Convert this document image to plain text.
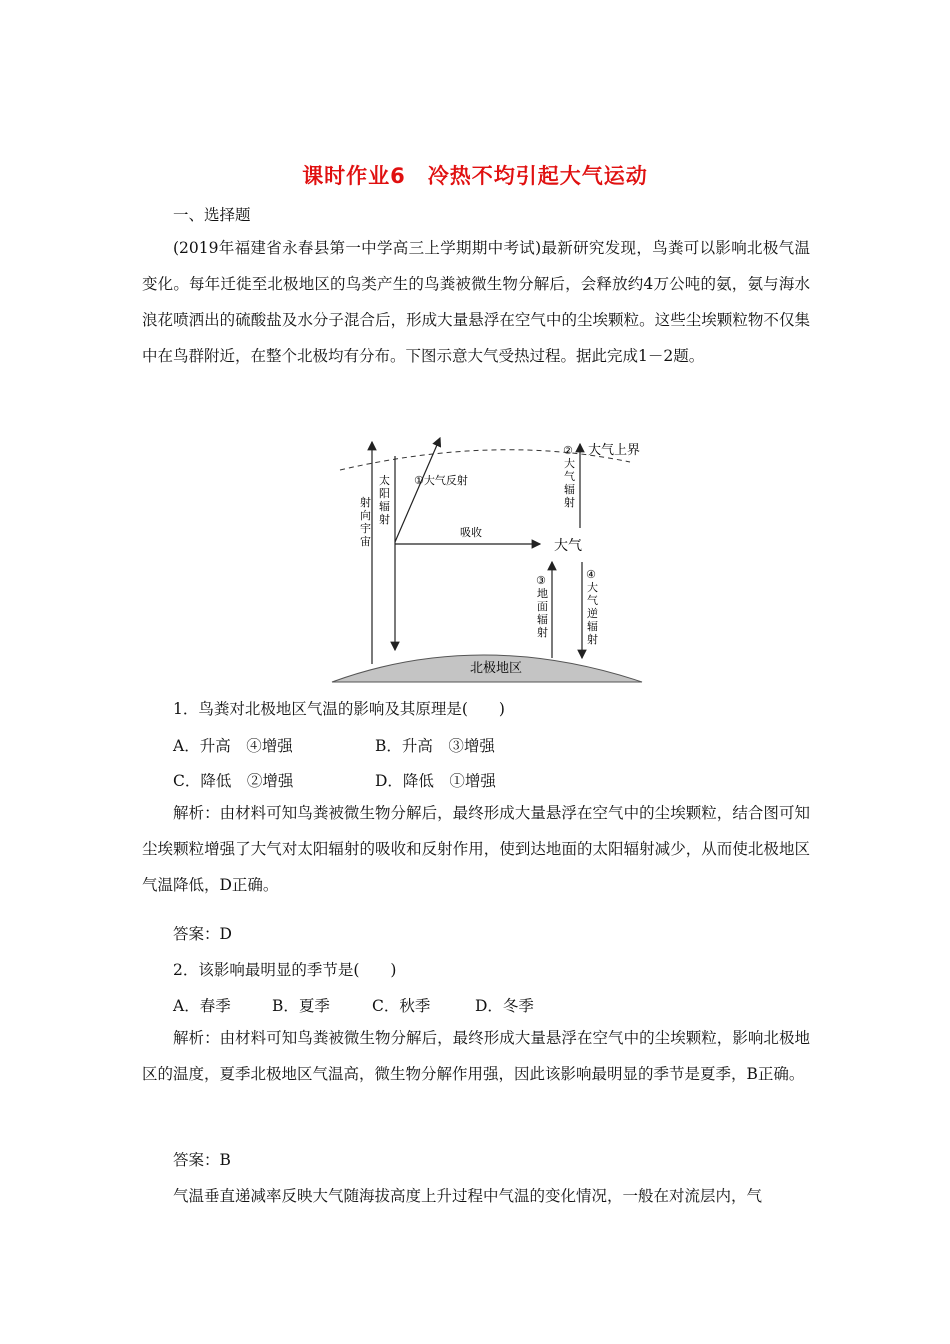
课时作业6　冷热不均引起大气运动
一、选择题
(2019年福建省永春县第一中学高三上学期期中考试)最新研究发现，鸟粪可以影响北极气温变化。每年迁徙至北极地区的鸟类产生的鸟粪被微生物分解后，会释放约4万公吨的氨，氨与海水浪花喷洒出的硫酸盐及水分子混合后，形成大量悬浮在空气中的尘埃颗粒。这些尘埃颗粒物不仅集中在鸟群附近，在整个北极均有分布。下图示意大气受热过程。据此完成1－2题。
大气上界
①大气反射
射
向
宇
宙
太
阳
辐
射
②
大
气
辐
射
③
地
面
辐
射
④
大
气
逆
辐
射
吸收
大气
北极地区
1．鸟粪对北极地区气温的影响及其原理是(　　)
A．升高　④增强	B．升高　③增强
C．降低　②增强	D．降低　①增强
解析：由材料可知鸟粪被微生物分解后，最终形成大量悬浮在空气中的尘埃颗粒，结合图可知尘埃颗粒增强了大气对太阳辐射的吸收和反射作用，使到达地面的太阳辐射减少，从而使北极地区气温降低，D正确。
答案：D
2．该影响最明显的季节是(　　)
A．春季	B．夏季	C．秋季	D．冬季
解析：由材料可知鸟粪被微生物分解后，最终形成大量悬浮在空气中的尘埃颗粒，影响北极地区的温度，夏季北极地区气温高，微生物分解作用强，因此该影响最明显的季节是夏季，B正确。
答案：B
气温垂直递减率反映大气随海拔高度上升过程中气温的变化情况，一般在对流层内，气
